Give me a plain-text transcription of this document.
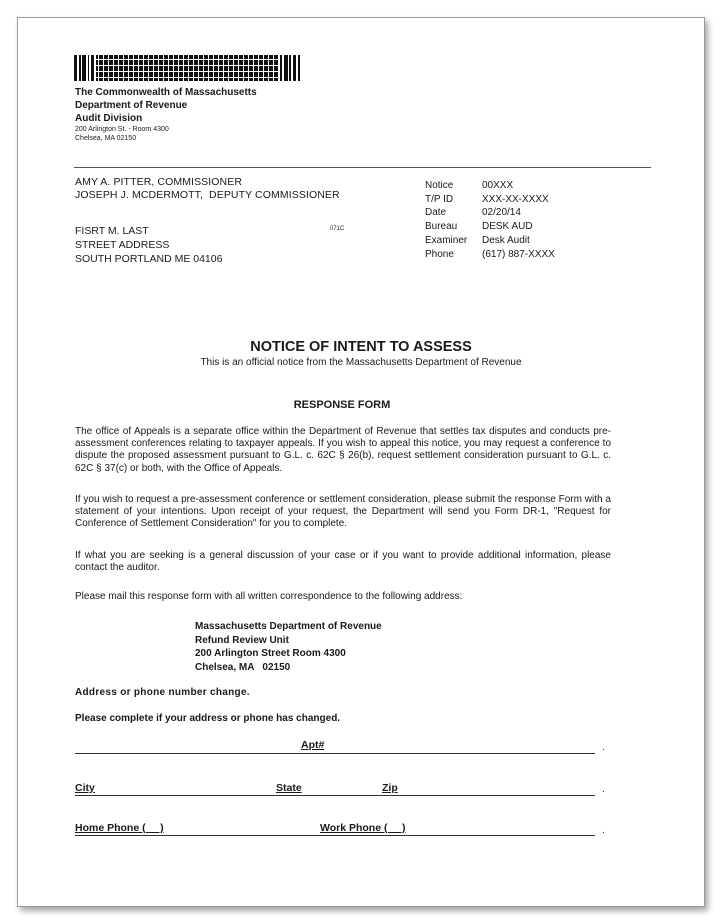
The Commonwealth of Massachusetts
Department of Revenue
Audit Division
200 Arlington St. - Room 4300
Chelsea, MA 02150
AMY A. PITTER, COMMISSIONER
JOSEPH J. MCDERMOTT,  DEPUTY COMMISSIONER
FISRT M. LAST
STREET ADDRESS
SOUTH PORTLAND ME 04106
071C
Notice	00XXX
T/P ID	XXX-XX-XXXX
Date	02/20/14
Bureau	DESK AUD
Examiner	Desk Audit
Phone	(617) 887-XXXX
NOTICE OF INTENT TO ASSESS
This is an official notice from the Massachusetts Department of Revenue
RESPONSE FORM
The office of Appeals is a separate office within the Department of Revenue that settles tax disputes and conducts pre-assessment conferences relating to taxpayer appeals. If you wish to appeal this notice, you may request a conference to dispute the proposed assessment pursuant to G.L. c. 62C § 26(b), request settlement consideration pursuant to G.L. c. 62C § 37(c) or both, with the Office of Appeals.
If you wish to request a pre-assessment conference or settlement consideration, please submit the response Form with a statement of your intentions. Upon receipt of your request, the Department will send you Form DR-1, "Request for Conference of Settlement Consideration" for you to complete.
If what you are seeking is a general discussion of your case or if you want to provide additional information, please contact the auditor.
Please mail this response form with all written correspondence to the following address:
Massachusetts Department of Revenue
Refund Review Unit
200 Arlington Street Room 4300
Chelsea, MA   02150
Address or phone number change.
Please complete if your address or phone has changed.
Apt#	.
City	State	Zip	.
Home Phone (     )	Work Phone (     )	.
